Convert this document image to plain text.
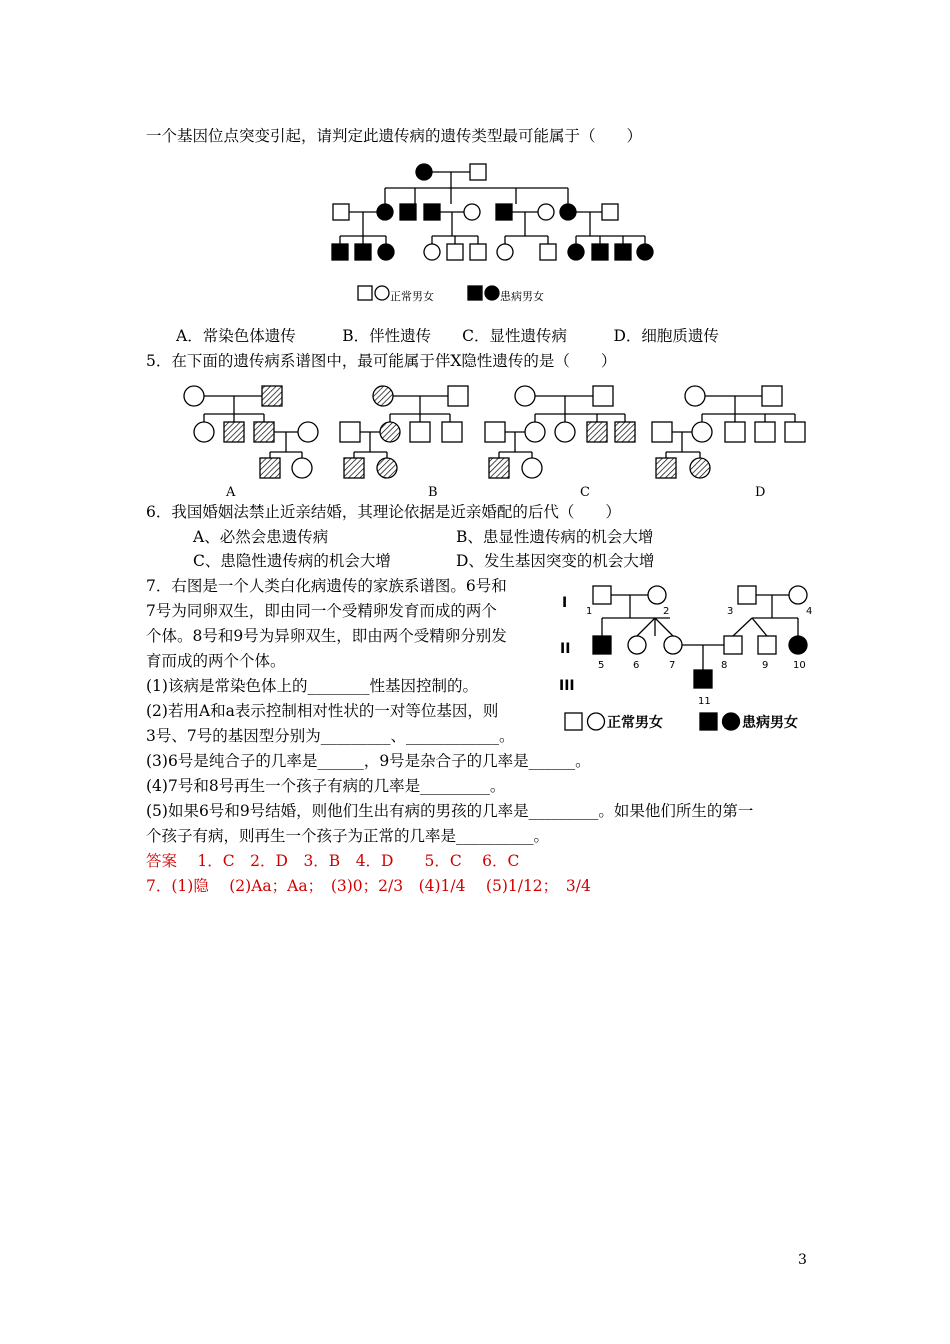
一个基因位点突变引起，请判定此遗传病的遗传类型最可能属于（　　）
正常男女	患病男女
A．常染色体遗传　　　B．伴性遗传　　C．显性遗传病　　　D．细胞质遗传
5．在下面的遗传病系谱图中，最可能属于伴X隐性遗传的是（　　）
A	B	C	D
6．我国婚姻法禁止近亲结婚，其理论依据是近亲婚配的后代（　　）
A、必然会患遗传病	B、患显性遗传病的机会大增
C、患隐性遗传病的机会大增	D、发生基因突变的机会大增
7．右图是一个人类白化病遗传的家族系谱图。6号和
7号为同卵双生，即由同一个受精卵发育而成的两个
个体。8号和9号为异卵双生，即由两个受精卵分别发
育而成的两个个体。
(1)该病是常染色体上的________性基因控制的。
(2)若用A和a表示控制相对性状的一对等位基因，则
3号、7号的基因型分别为_________、____________。
(3)6号是纯合子的几率是______，9号是杂合子的几率是______。
(4)7号和8号再生一个孩子有病的几率是_________。
(5)如果6号和9号结婚，则他们生出有病的男孩的几率是_________。如果他们所生的第一
个孩子有病，则再生一个孩子为正常的几率是__________。
I
II
III
1	2	3	4
5	6	7	8	9 10
11
正常男女	患病男女
答案　 1．C　2．D　3．B　4．D　　5．C　 6．C
7．(1)隐　 (2)Aa；Aa；　(3)0；2/3　(4)1/4　 (5)1/12；　3/4
3
